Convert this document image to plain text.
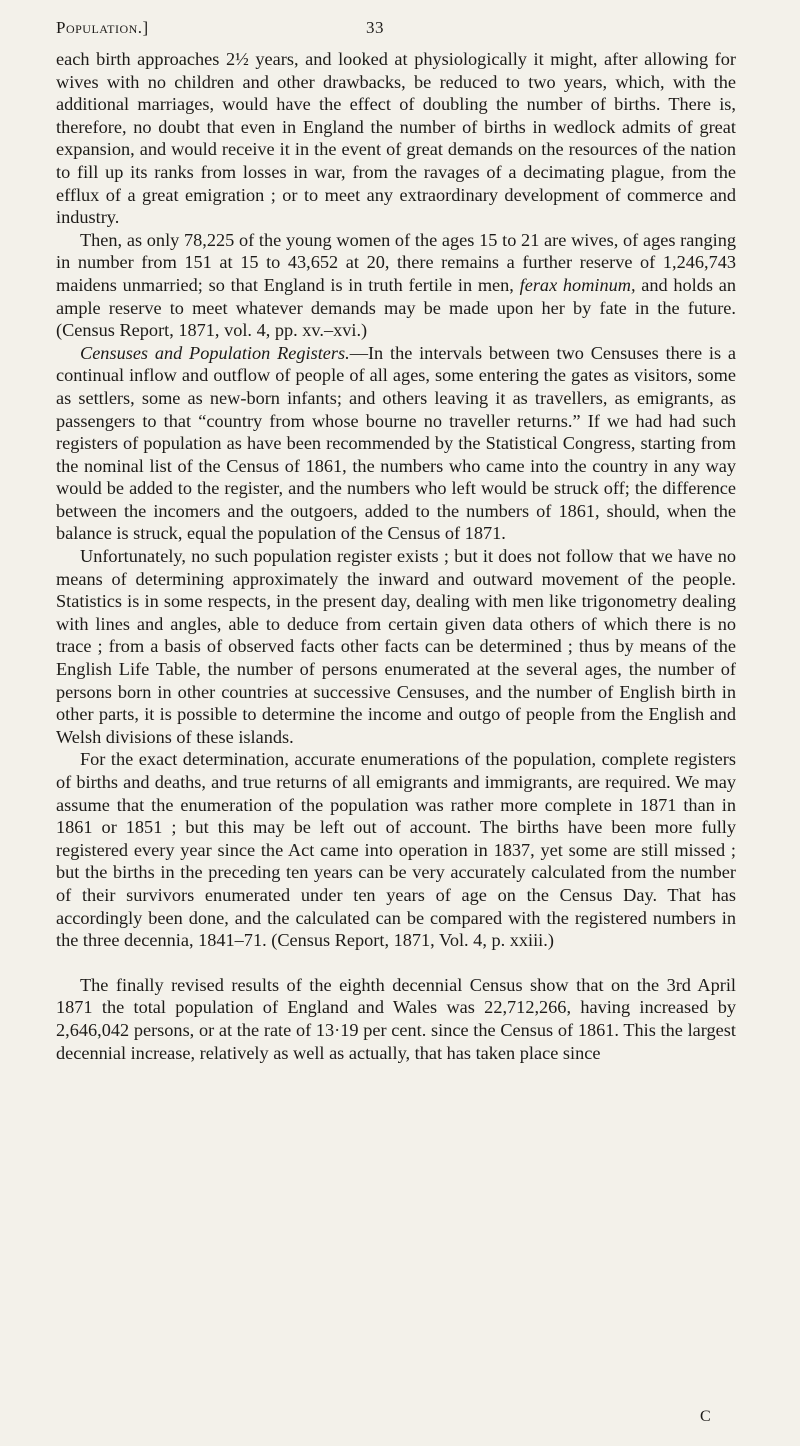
Population.]	33

each birth approaches 2½ years, and looked at physiologically it might, after allowing for wives with no children and other drawbacks, be reduced to two years, which, with the additional marriages, would have the effect of doubling the number of births. There is, therefore, no doubt that even in England the number of births in wedlock admits of great expansion, and would receive it in the event of great demands on the resources of the nation to fill up its ranks from losses in war, from the ravages of a decimating plague, from the efflux of a great emigration ; or to meet any extraordinary development of commerce and industry.

Then, as only 78,225 of the young women of the ages 15 to 21 are wives, of ages ranging in number from 151 at 15 to 43,652 at 20, there remains a further reserve of 1,246,743 maidens unmarried; so that England is in truth fertile in men, ferax hominum, and holds an ample reserve to meet whatever demands may be made upon her by fate in the future. (Census Report, 1871, vol. 4, pp. xv.–xvi.)

Censuses and Population Registers.—In the intervals between two Censuses there is a continual inflow and outflow of people of all ages, some entering the gates as visitors, some as settlers, some as new-born infants; and others leaving it as travellers, as emigrants, as passengers to that “country from whose bourne no traveller returns.” If we had had such registers of population as have been recommended by the Statistical Congress, starting from the nominal list of the Census of 1861, the numbers who came into the country in any way would be added to the register, and the numbers who left would be struck off; the difference between the incomers and the outgoers, added to the numbers of 1861, should, when the balance is struck, equal the population of the Census of 1871.

Unfortunately, no such population register exists ; but it does not follow that we have no means of determining approximately the inward and outward movement of the people. Statistics is in some respects, in the present day, dealing with men like trigonometry dealing with lines and angles, able to deduce from certain given data others of which there is no trace ; from a basis of observed facts other facts can be determined ; thus by means of the English Life Table, the number of persons enumerated at the several ages, the number of persons born in other countries at successive Censuses, and the number of English birth in other parts, it is possible to determine the income and outgo of people from the English and Welsh divisions of these islands.

For the exact determination, accurate enumerations of the population, complete registers of births and deaths, and true returns of all emigrants and immigrants, are required. We may assume that the enumeration of the population was rather more complete in 1871 than in 1861 or 1851 ; but this may be left out of account. The births have been more fully registered every year since the Act came into operation in 1837, yet some are still missed ; but the births in the preceding ten years can be very accurately calculated from the number of their survivors enumerated under ten years of age on the Census Day. That has accordingly been done, and the calculated can be compared with the registered numbers in the three decennia, 1841–71. (Census Report, 1871, Vol. 4, p. xxiii.)

The finally revised results of the eighth decennial Census show that on the 3rd April 1871 the total population of England and Wales was 22,712,266, having increased by 2,646,042 persons, or at the rate of 13·19 per cent. since the Census of 1861. This the largest decennial increase, relatively as well as actually, that has taken place since

C
